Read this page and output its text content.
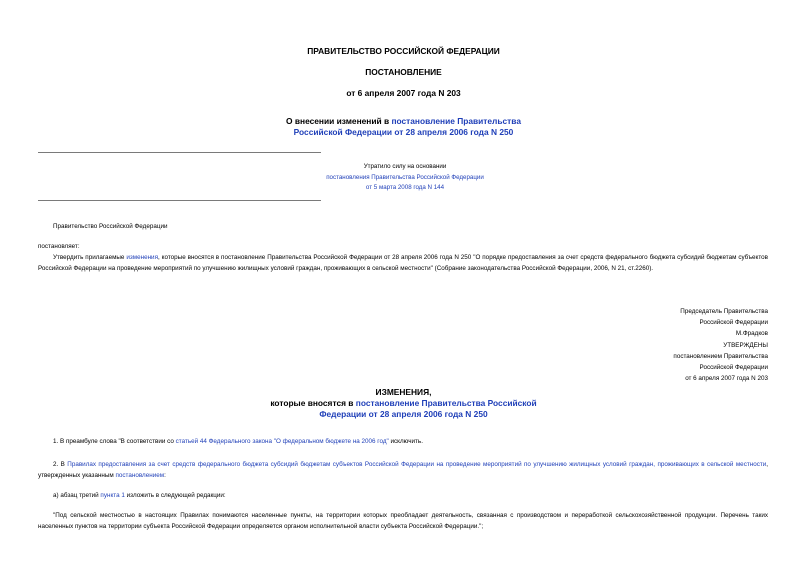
ПРАВИТЕЛЬСТВО РОССИЙСКОЙ ФЕДЕРАЦИИ
ПОСТАНОВЛЕНИЕ
от 6 апреля 2007 года N 203
О внесении изменений в постановление Правительства Российской Федерации от 28 апреля 2006 года N 250
Утратило силу на основании
постановления Правительства Российской Федерации
от 5 марта 2008 года N 144
Правительство Российской Федерации
постановляет:
Утвердить прилагаемые изменения, которые вносятся в постановление Правительства Российской Федерации от 28 апреля 2006 года N 250 "О порядке предоставления за счет средств федерального бюджета субсидий бюджетам субъектов Российской Федерации на проведение мероприятий по улучшению жилищных условий граждан, проживающих в сельской местности" (Собрание законодательства Российской Федерации, 2006, N 21, ст.2260).
Председатель Правительства
Российской Федерации
М.Фрадков
УТВЕРЖДЕНЫ
постановлением Правительства
Российской Федерации
от 6 апреля 2007 года N 203
ИЗМЕНЕНИЯ,
которые вносятся в постановление Правительства Российской Федерации от 28 апреля 2006 года N 250
1. В преамбуле слова "В соответствии со статьей 44 Федерального закона "О федеральном бюджете на 2006 год" исключить.
2. В Правилах предоставления за счет средств федерального бюджета субсидий бюджетам субъектов Российской Федерации на проведение мероприятий по улучшению жилищных условий граждан, проживающих в сельской местности, утвержденных указанным постановлением:
а) абзац третий пункта 1 изложить в следующей редакции:
"Под сельской местностью в настоящих Правилах понимаются населенные пункты, на территории которых преобладает деятельность, связанная с производством и переработкой сельскохозяйственной продукции. Перечень таких населенных пунктов на территории субъекта Российской Федерации определяется органом исполнительной власти субъекта Российской Федерации.";
